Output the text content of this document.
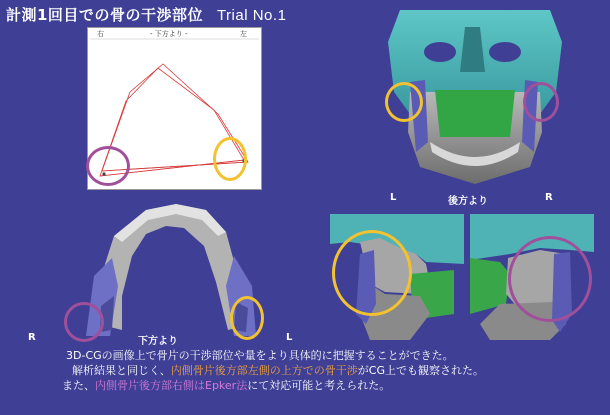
計測1回目での骨の干渉部位 Trial No.1
右	- 下方より -	左
L	後方より	R
R	下方より	L
3D-CGの画像上で骨片の干渉部位や量をより具体的に把握することができた。
解析結果と同じく、内側骨片後方部左側の上方での骨干渉がCG上でも観察された。
また、内側骨片後方部右側はEpker法にて対応可能と考えられた。
